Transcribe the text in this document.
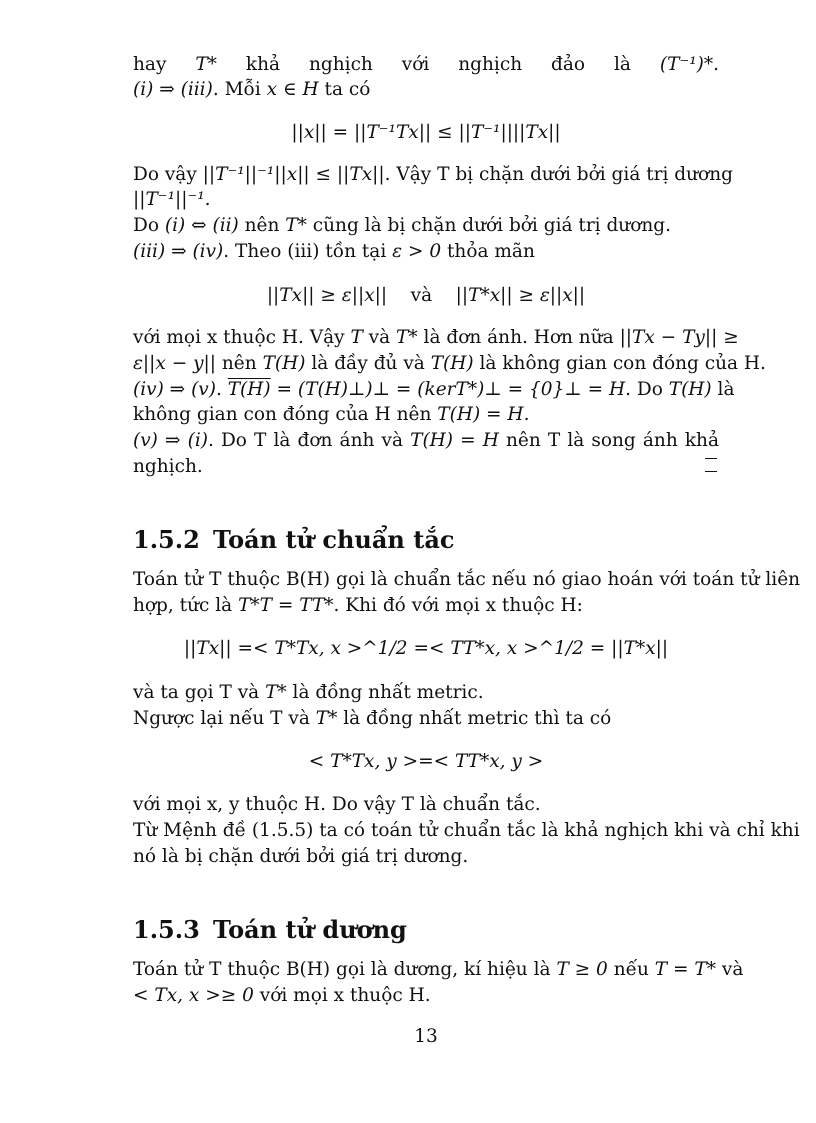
hay T* khả nghịch với nghịch đảo là (T⁻¹)*.
(i) ⇒ (iii). Mỗi x ∈ H ta có
||x|| = ||T⁻¹Tx|| ≤ ||T⁻¹||||Tx||
Do vậy ||T⁻¹||⁻¹||x|| ≤ ||Tx||. Vậy T bị chặn dưới bởi giá trị dương
||T⁻¹||⁻¹.
Do (i) ⇔ (ii) nên T* cũng là bị chặn dưới bởi giá trị dương.
(iii) ⇒ (iv). Theo (iii) tồn tại ε > 0 thỏa mãn
||Tx|| ≥ ε||x|| và ||T*x|| ≥ ε||x||
với mọi x thuộc H. Vậy T và T* là đơn ánh. Hơn nữa ||Tx − Ty|| ≥
ε||x − y|| nên T(H) là đầy đủ và T(H) là không gian con đóng của H.
(iv) ⇒ (v). T(H) = (T(H)⊥)⊥ = (kerT*)⊥ = {0}⊥ = H. Do T(H) là
không gian con đóng của H nên T(H) = H.
(v) ⇒ (i). Do T là đơn ánh và T(H) = H nên T là song ánh khả
nghịch.
1.5.2 Toán tử chuẩn tắc
Toán tử T thuộc B(H) gọi là chuẩn tắc nếu nó giao hoán với toán tử liên
hợp, tức là T*T = TT*. Khi đó với mọi x thuộc H:
||Tx|| =< T*Tx, x >^1/2 =< TT*x, x >^1/2 = ||T*x||
và ta gọi T và T* là đồng nhất metric.
Ngược lại nếu T và T* là đồng nhất metric thì ta có
< T*Tx, y >=< TT*x, y >
với mọi x, y thuộc H. Do vậy T là chuẩn tắc.
Từ Mệnh đề (1.5.5) ta có toán tử chuẩn tắc là khả nghịch khi và chỉ khi
nó là bị chặn dưới bởi giá trị dương.
1.5.3 Toán tử dương
Toán tử T thuộc B(H) gọi là dương, kí hiệu là T ≥ 0 nếu T = T* và
< Tx, x >≥ 0 với mọi x thuộc H.
13
